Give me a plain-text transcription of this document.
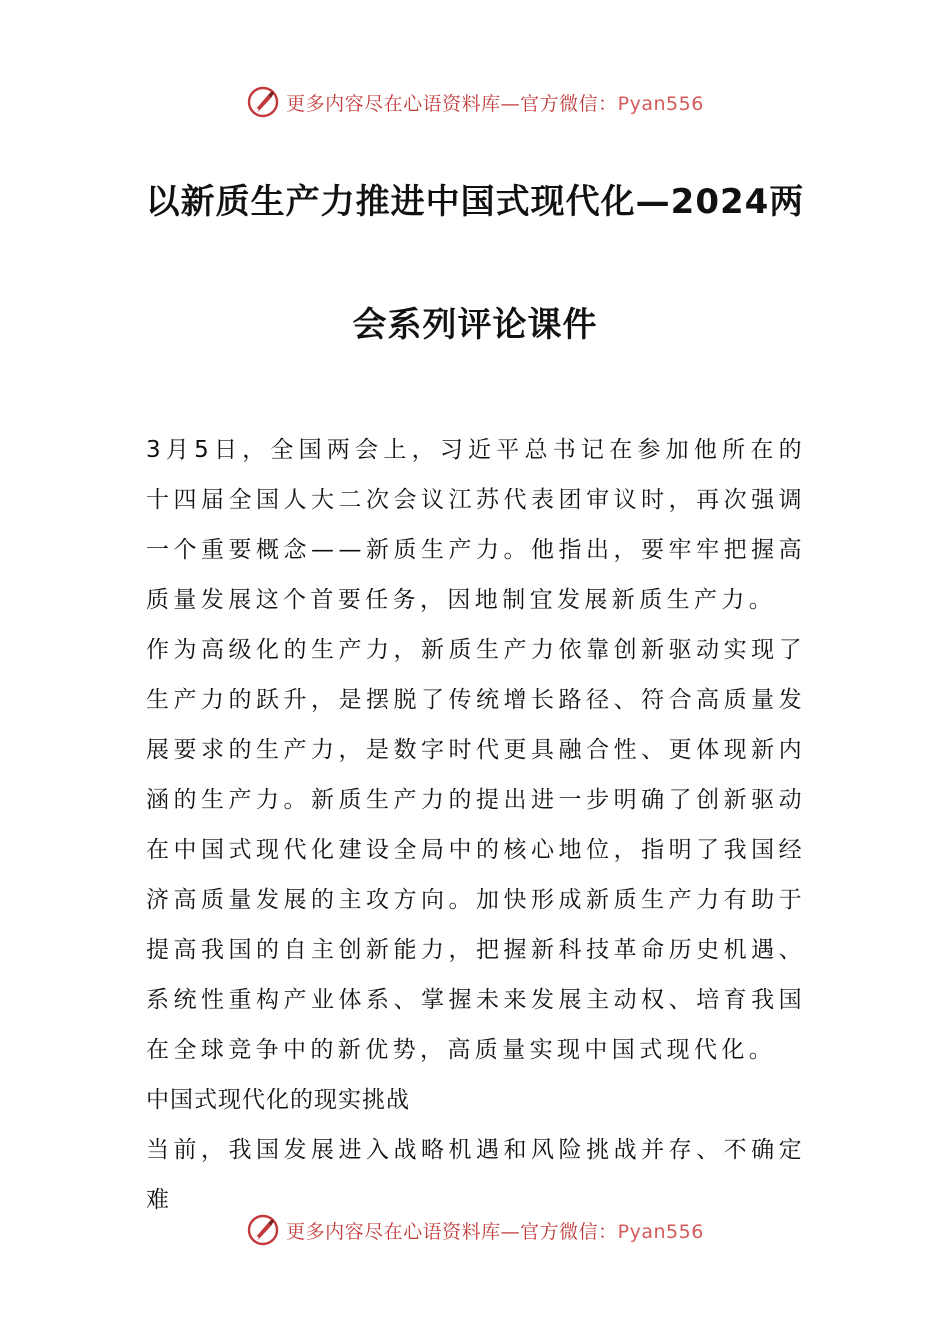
更多内容尽在心语资料库—官方微信：Pyan556
以新质生产力推进中国式现代化—2024两
会系列评论课件

3月5日，全国两会上，习近平总书记在参加他所在的十四届全国人大二次会议江苏代表团审议时，再次强调一个重要概念——新质生产力。他指出，要牢牢把握高质量发展这个首要任务，因地制宜发展新质生产力。

作为高级化的生产力，新质生产力依靠创新驱动实现了生产力的跃升，是摆脱了传统增长路径、符合高质量发展要求的生产力，是数字时代更具融合性、更体现新内涵的生产力。新质生产力的提出进一步明确了创新驱动在中国式现代化建设全局中的核心地位，指明了我国经济高质量发展的主攻方向。加快形成新质生产力有助于提高我国的自主创新能力，把握新科技革命历史机遇、系统性重构产业体系、掌握未来发展主动权、培育我国在全球竞争中的新优势，高质量实现中国式现代化。

中国式现代化的现实挑战

当前，我国发展进入战略机遇和风险挑战并存、不确定难

更多内容尽在心语资料库—官方微信：Pyan556
